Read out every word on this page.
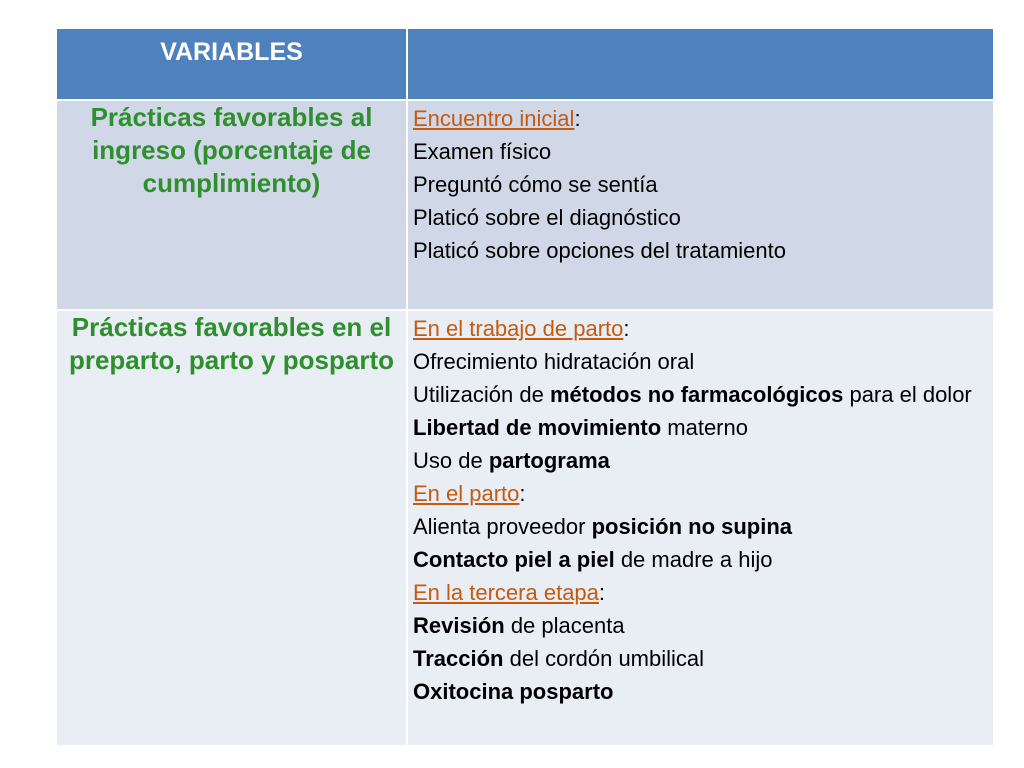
VARIABLES
Prácticas favorables al ingreso (porcentaje de cumplimiento)
Encuentro inicial:
Examen físico
Preguntó cómo se sentía
Platicó sobre el diagnóstico
Platicó sobre opciones del tratamiento
Prácticas favorables en el preparto, parto y posparto
En el trabajo de parto:
Ofrecimiento hidratación oral
Utilización de métodos no farmacológicos para el dolor
Libertad de movimiento materno
Uso de partograma
En el parto:
Alienta proveedor posición no supina
Contacto piel a piel de madre a hijo
En la tercera etapa:
Revisión de placenta
Tracción del cordón umbilical
Oxitocina posparto
